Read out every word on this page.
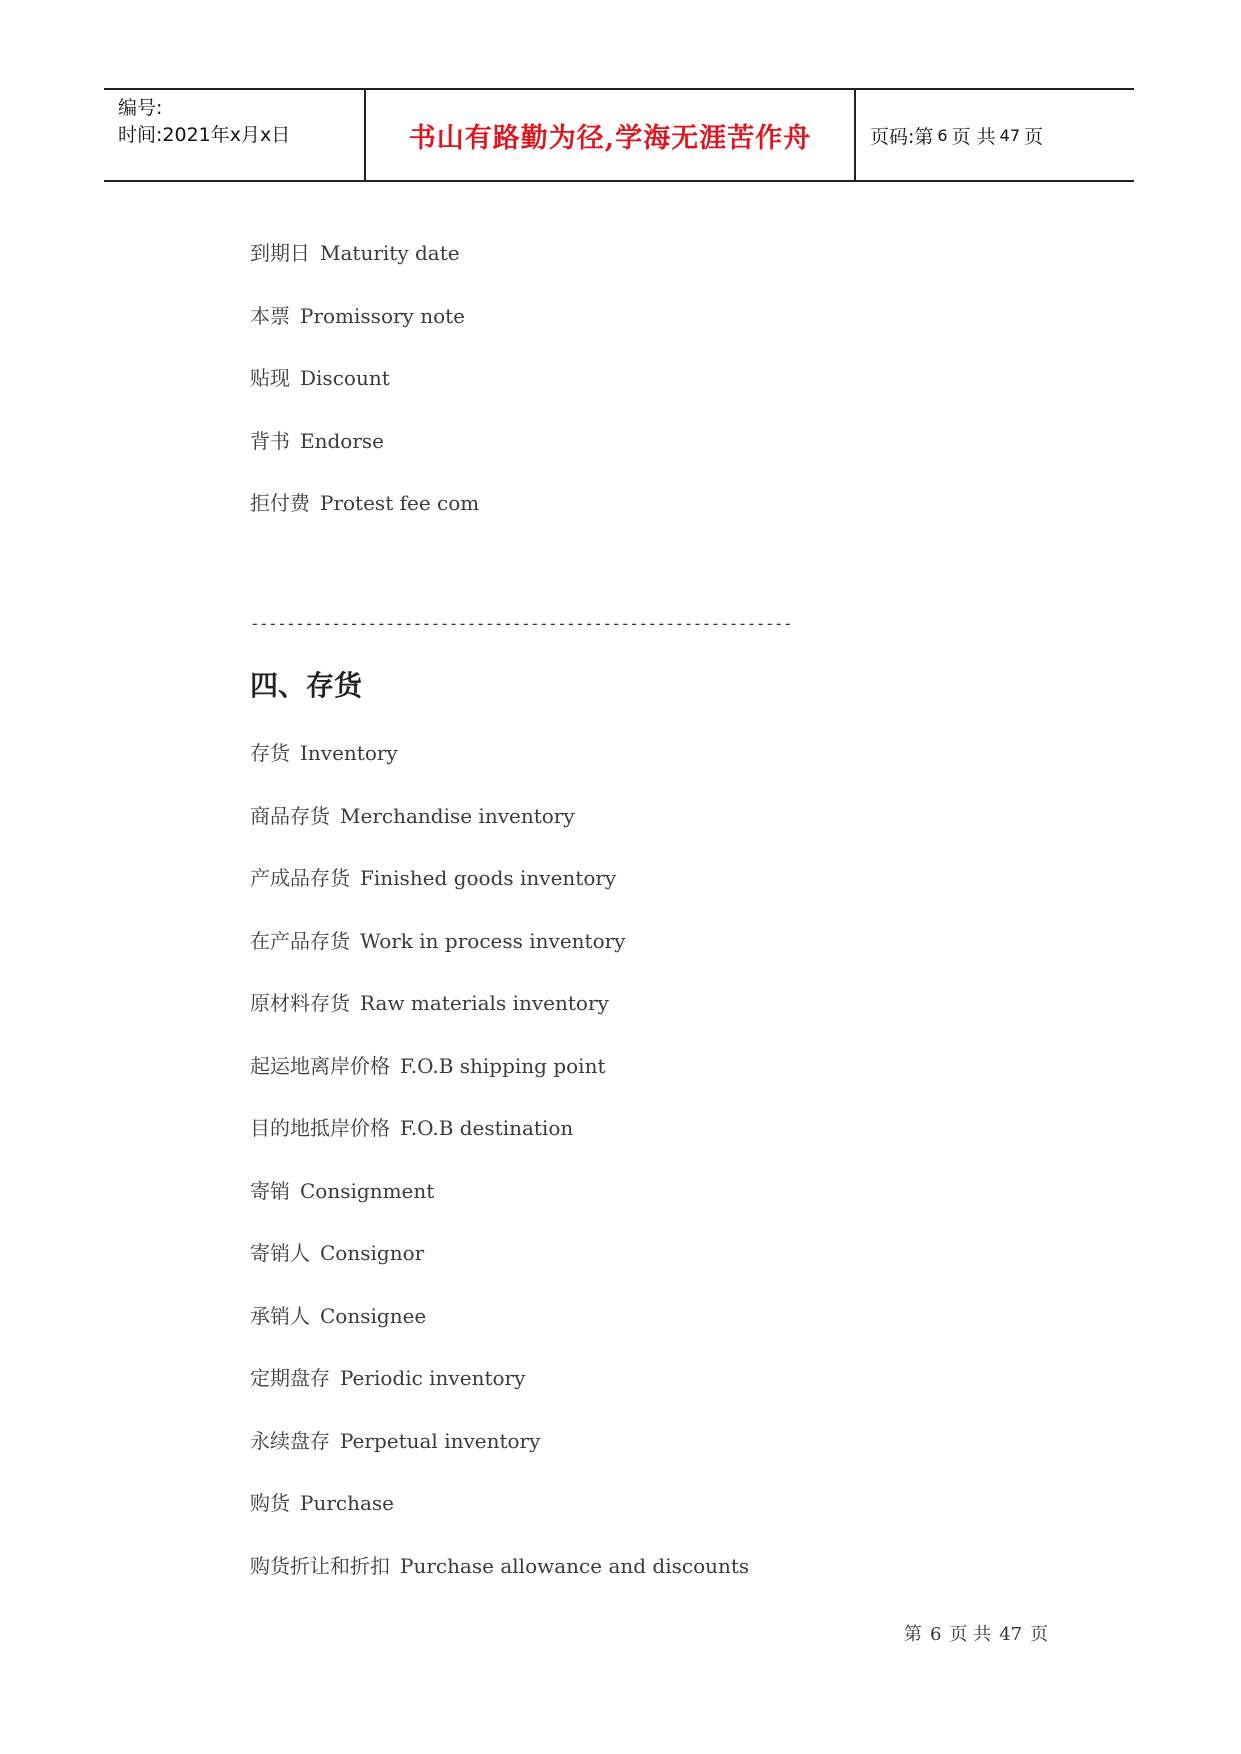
编号:
时间:2021年x月x日	书山有路勤为径,学海无涯苦作舟	页码:第 6 页 共 47 页
到期日 Maturity date
本票 Promissory note
贴现 Discount
背书 Endorse
拒付费 Protest fee com
------------------------------------------------------------
四、存货
存货 Inventory
商品存货 Merchandise inventory
产成品存货 Finished goods inventory
在产品存货 Work in process inventory
原材料存货 Raw materials inventory
起运地离岸价格 F.O.B shipping point
目的地抵岸价格 F.O.B destination
寄销 Consignment
寄销人 Consignor
承销人 Consignee
定期盘存 Periodic inventory
永续盘存 Perpetual inventory
购货 Purchase
购货折让和折扣 Purchase allowance and discounts
第 6 页 共 47 页
